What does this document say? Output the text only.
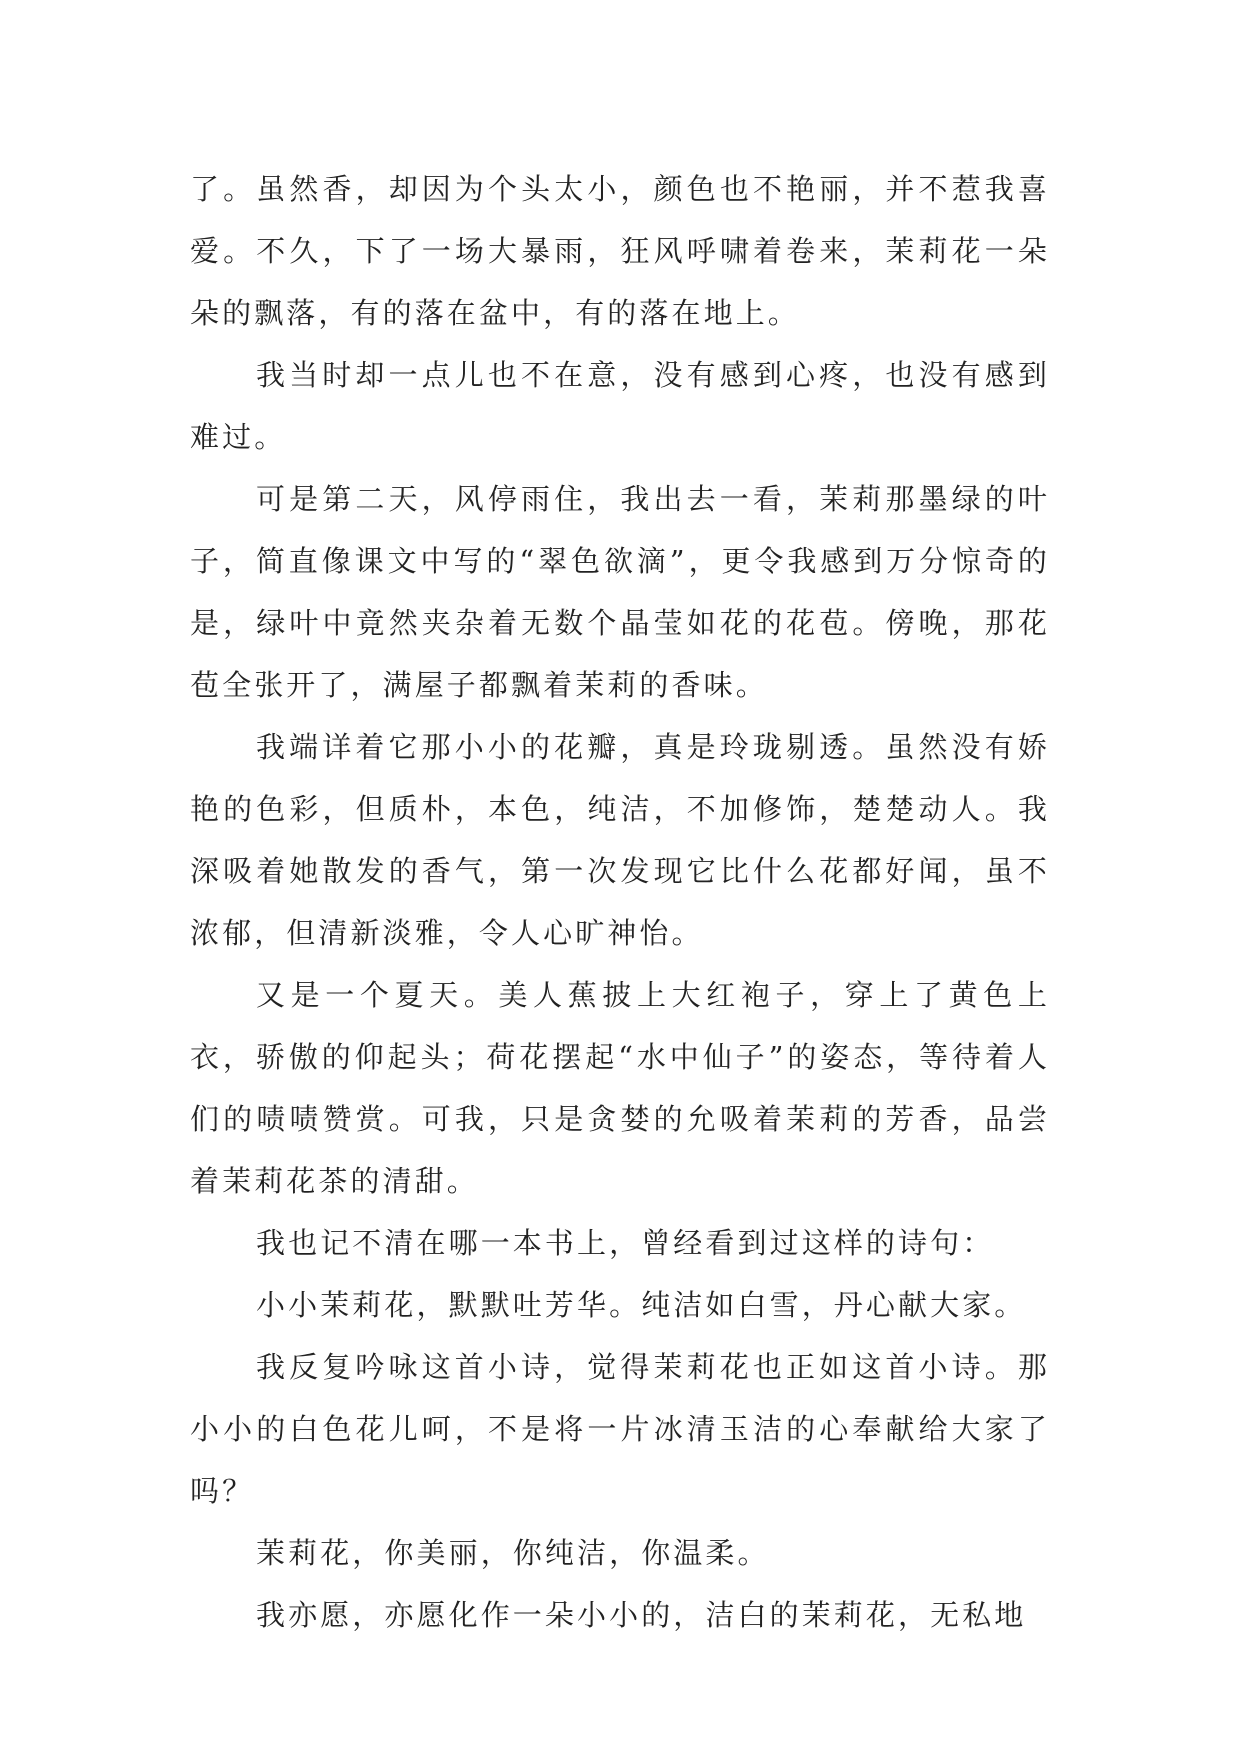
了。虽然香，却因为个头太小，颜色也不艳丽，并不惹我喜爱。不久，下了一场大暴雨，狂风呼啸着卷来，茉莉花一朵朵的飘落，有的落在盆中，有的落在地上。

我当时却一点儿也不在意，没有感到心疼，也没有感到难过。

可是第二天，风停雨住，我出去一看，茉莉那墨绿的叶子，简直像课文中写的“翠色欲滴”，更令我感到万分惊奇的是，绿叶中竟然夹杂着无数个晶莹如花的花苞。傍晚，那花苞全张开了，满屋子都飘着茉莉的香味。

我端详着它那小小的花瓣，真是玲珑剔透。虽然没有娇艳的色彩，但质朴，本色，纯洁，不加修饰，楚楚动人。我深吸着她散发的香气，第一次发现它比什么花都好闻，虽不浓郁，但清新淡雅，令人心旷神怡。

又是一个夏天。美人蕉披上大红袍子，穿上了黄色上衣，骄傲的仰起头；荷花摆起“水中仙子”的姿态，等待着人们的啧啧赞赏。可我，只是贪婪的允吸着茉莉的芳香，品尝着茉莉花茶的清甜。

我也记不清在哪一本书上，曾经看到过这样的诗句：

小小茉莉花，默默吐芳华。纯洁如白雪，丹心献大家。

我反复吟咏这首小诗，觉得茉莉花也正如这首小诗。那小小的白色花儿呵，不是将一片冰清玉洁的心奉献给大家了吗？

茉莉花，你美丽，你纯洁，你温柔。

我亦愿，亦愿化作一朵小小的，洁白的茉莉花，无私地
